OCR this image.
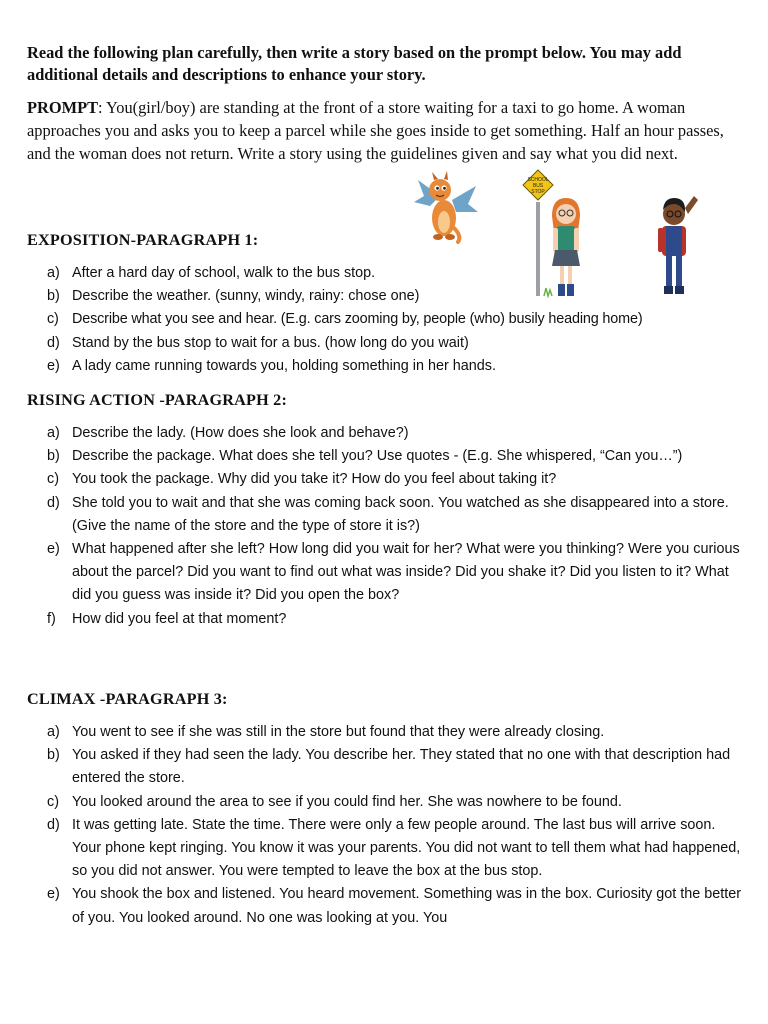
Read the following plan carefully, then write a story based on the prompt below. You may add additional details and descriptions to enhance your story.
PROMPT: You(girl/boy) are standing at the front of a store waiting for a taxi to go home. A woman approaches you and asks you to keep a parcel while she goes inside to get something. Half an hour passes, and the woman does not return. Write a story using the guidelines given and say what you did next.
SCHOOL
BUS
STOP
EXPOSITION-PARAGRAPH 1:
a) After a hard day of school, walk to the bus stop.
b) Describe the weather. (sunny, windy, rainy: chose one)
c) Describe what you see and hear. (E.g. cars zooming by, people (who) busily heading home)
d) Stand by the bus stop to wait for a bus. (how long do you wait)
e) A lady came running towards you, holding something in her hands.
RISING ACTION -PARAGRAPH 2:
a) Describe the lady. (How does she look and behave?)
b) Describe the package. What does she tell you? Use quotes - (E.g. She whispered, “Can you…”)
c) You took the package. Why did you take it? How do you feel about taking it?
d) She told you to wait and that she was coming back soon. You watched as she disappeared into a store. (Give the name of the store and the type of store it is?)
e) What happened after she left? How long did you wait for her? What were you thinking? Were you curious about the parcel? Did you want to find out what was inside? Did you shake it? Did you listen to it? What did you guess was inside it? Did you open the box?
f) How did you feel at that moment?
CLIMAX -PARAGRAPH 3:
a) You went to see if she was still in the store but found that they were already closing.
b) You asked if they had seen the lady. You describe her. They stated that no one with that description had entered the store.
c) You looked around the area to see if you could find her. She was nowhere to be found.
d) It was getting late. State the time. There were only a few people around. The last bus will arrive soon. Your phone kept ringing. You know it was your parents. You did not want to tell them what had happened, so you did not answer. You were tempted to leave the box at the bus stop.
e) You shook the box and listened. You heard movement. Something was in the box. Curiosity got the better of you. You looked around. No one was looking at you. You
